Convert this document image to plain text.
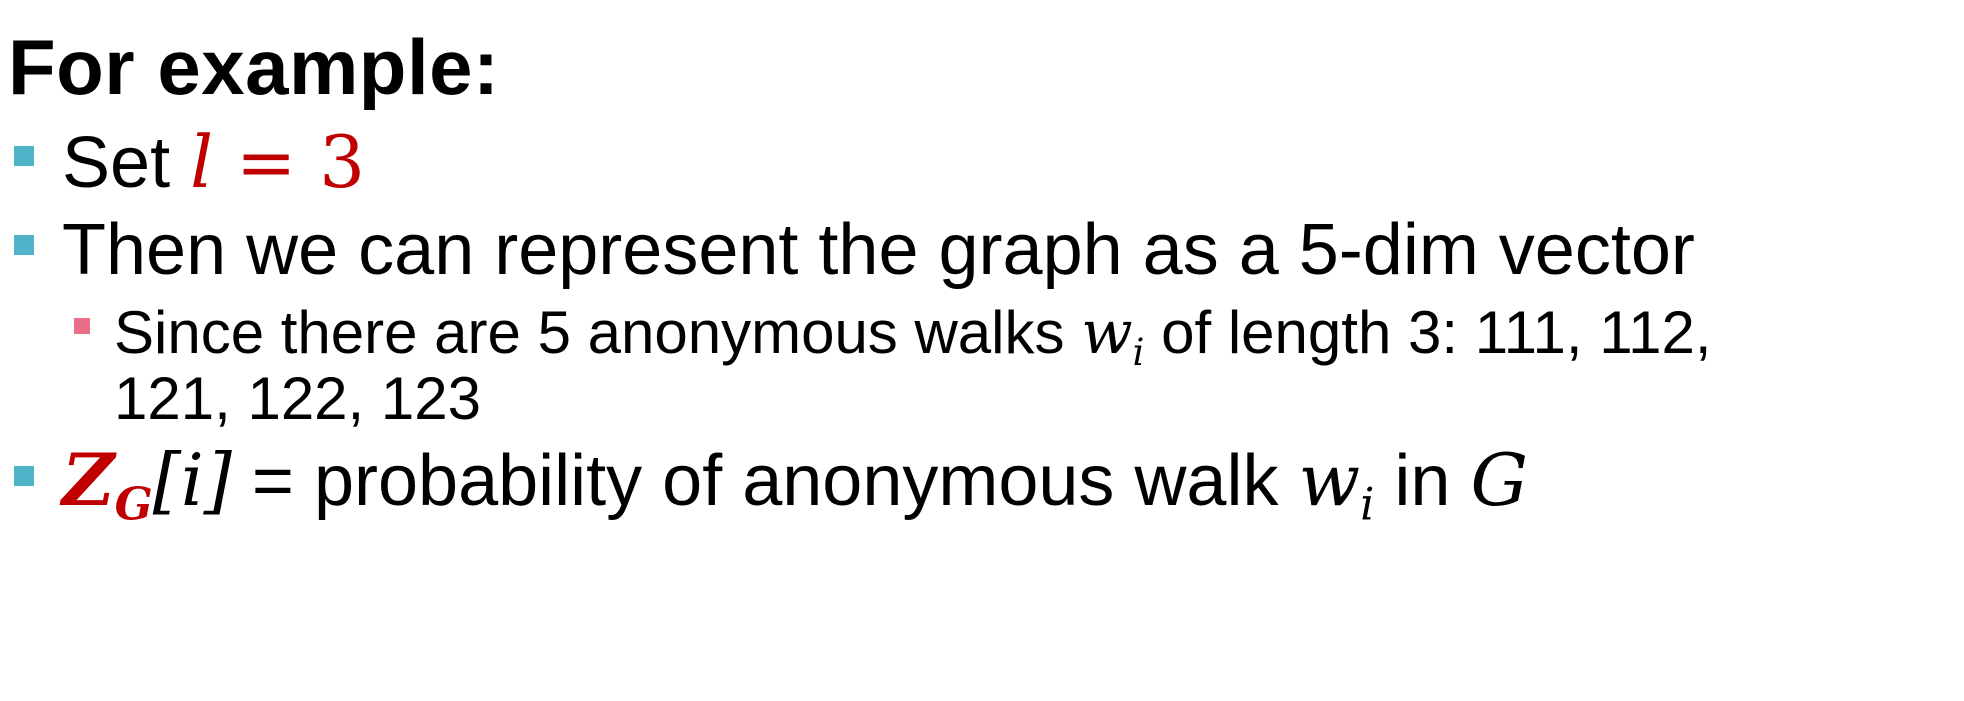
For example:
Set l = 3
Then we can represent the graph as a 5-dim vector
Since there are 5 anonymous walks $w_i$ of length 3: 111, 112,
121, 122, 123
$Z_G[i]$ = probability of anonymous walk $w_i$ in G
